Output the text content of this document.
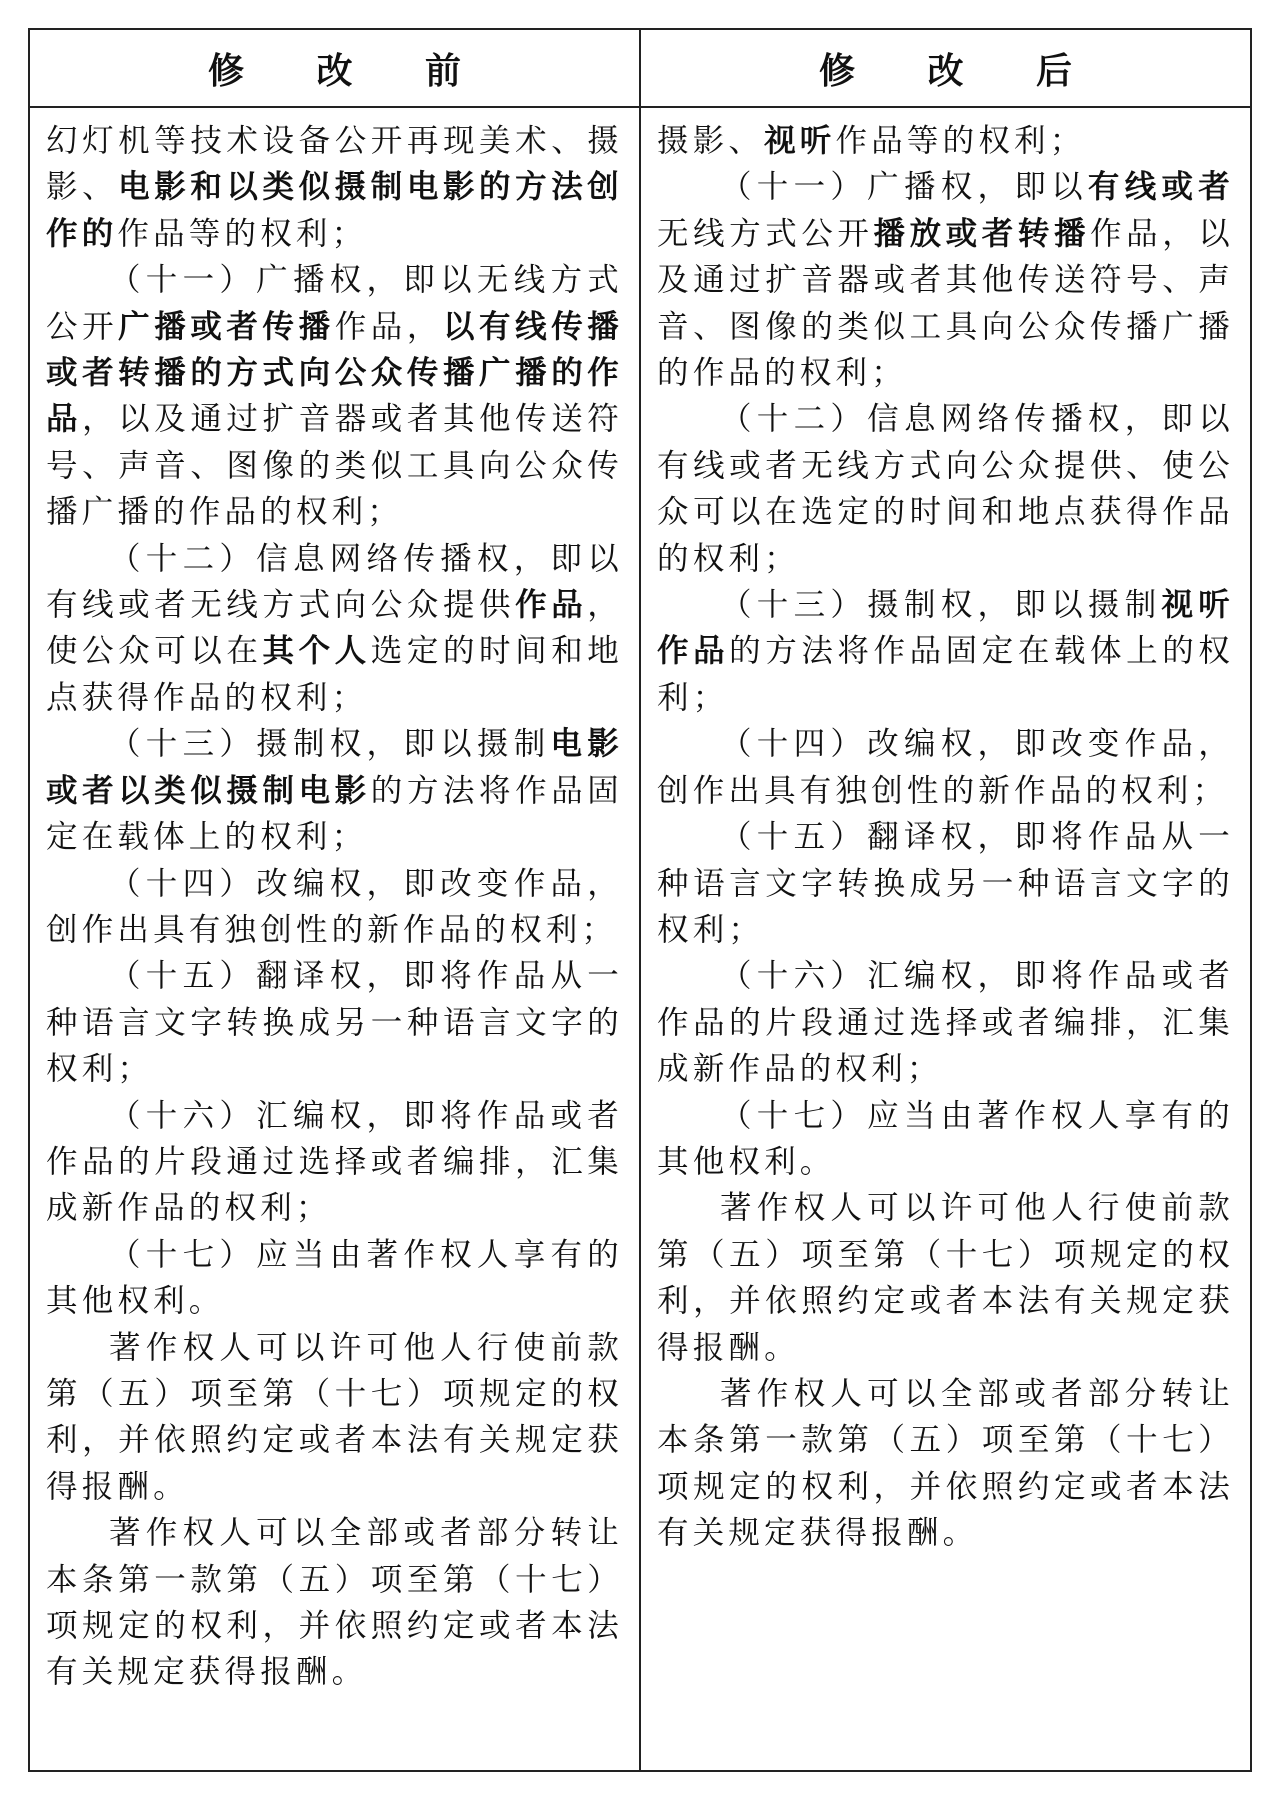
修 改 前	修 改 后

幻灯机等技术设备公开再现美术、摄影、电影和以类似摄制电影的方法创作的作品等的权利；

（十一）广播权，即以无线方式公开广播或者传播作品，以有线传播或者转播的方式向公众传播广播的作品，以及通过扩音器或者其他传送符号、声音、图像的类似工具向公众传播广播的作品的权利；

（十二）信息网络传播权，即以有线或者无线方式向公众提供作品，使公众可以在其个人选定的时间和地点获得作品的权利；

（十三）摄制权，即以摄制电影或者以类似摄制电影的方法将作品固定在载体上的权利；

（十四）改编权，即改变作品，创作出具有独创性的新作品的权利；

（十五）翻译权，即将作品从一种语言文字转换成另一种语言文字的权利；

（十六）汇编权，即将作品或者作品的片段通过选择或者编排，汇集成新作品的权利；

（十七）应当由著作权人享有的其他权利。

著作权人可以许可他人行使前款第（五）项至第（十七）项规定的权利，并依照约定或者本法有关规定获得报酬。

著作权人可以全部或者部分转让本条第一款第（五）项至第（十七）项规定的权利，并依照约定或者本法有关规定获得报酬。

摄影、视听作品等的权利；

（十一）广播权，即以有线或者无线方式公开播放或者转播作品，以及通过扩音器或者其他传送符号、声音、图像的类似工具向公众传播广播的作品的权利；

（十二）信息网络传播权，即以有线或者无线方式向公众提供、使公众可以在选定的时间和地点获得作品的权利；

（十三）摄制权，即以摄制视听作品的方法将作品固定在载体上的权利；

（十四）改编权，即改变作品，创作出具有独创性的新作品的权利；

（十五）翻译权，即将作品从一种语言文字转换成另一种语言文字的权利；

（十六）汇编权，即将作品或者作品的片段通过选择或者编排，汇集成新作品的权利；

（十七）应当由著作权人享有的其他权利。

著作权人可以许可他人行使前款第（五）项至第（十七）项规定的权利，并依照约定或者本法有关规定获得报酬。

著作权人可以全部或者部分转让本条第一款第（五）项至第（十七）项规定的权利，并依照约定或者本法有关规定获得报酬。
